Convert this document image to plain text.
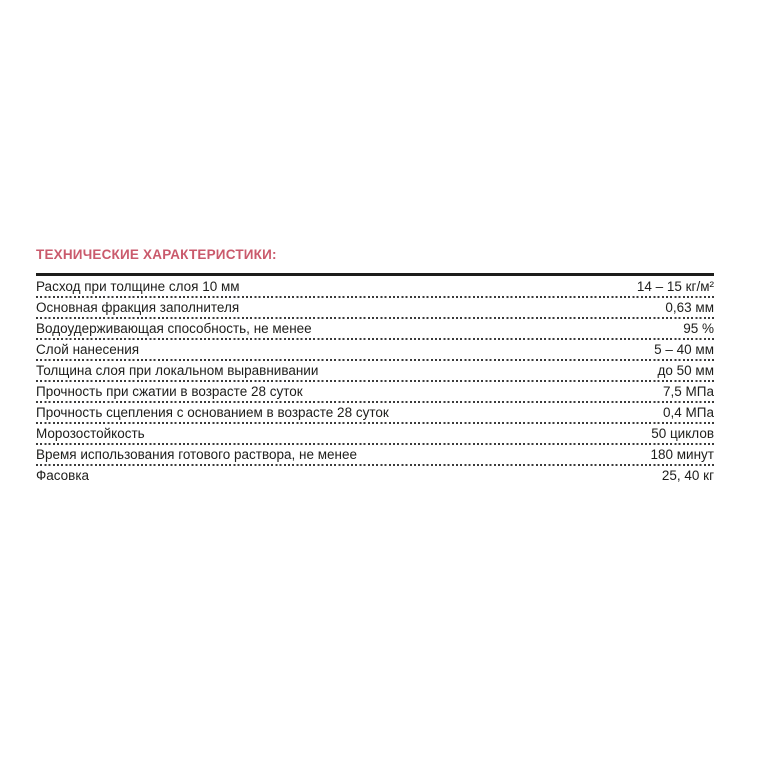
ТЕХНИЧЕСКИЕ ХАРАКТЕРИСТИКИ:
Расход при толщине слоя 10 мм	14 – 15 кг/м²
Основная фракция заполнителя	0,63 мм
Водоудерживающая способность, не менее	95 %
Слой нанесения	5 – 40 мм
Толщина слоя при локальном выравнивании	до 50 мм
Прочность при сжатии в возрасте 28 суток	7,5 МПа
Прочность сцепления с основанием в возрасте 28 суток	0,4 МПа
Морозостойкость	50 циклов
Время использования готового раствора, не менее	180 минут
Фасовка	25, 40 кг
